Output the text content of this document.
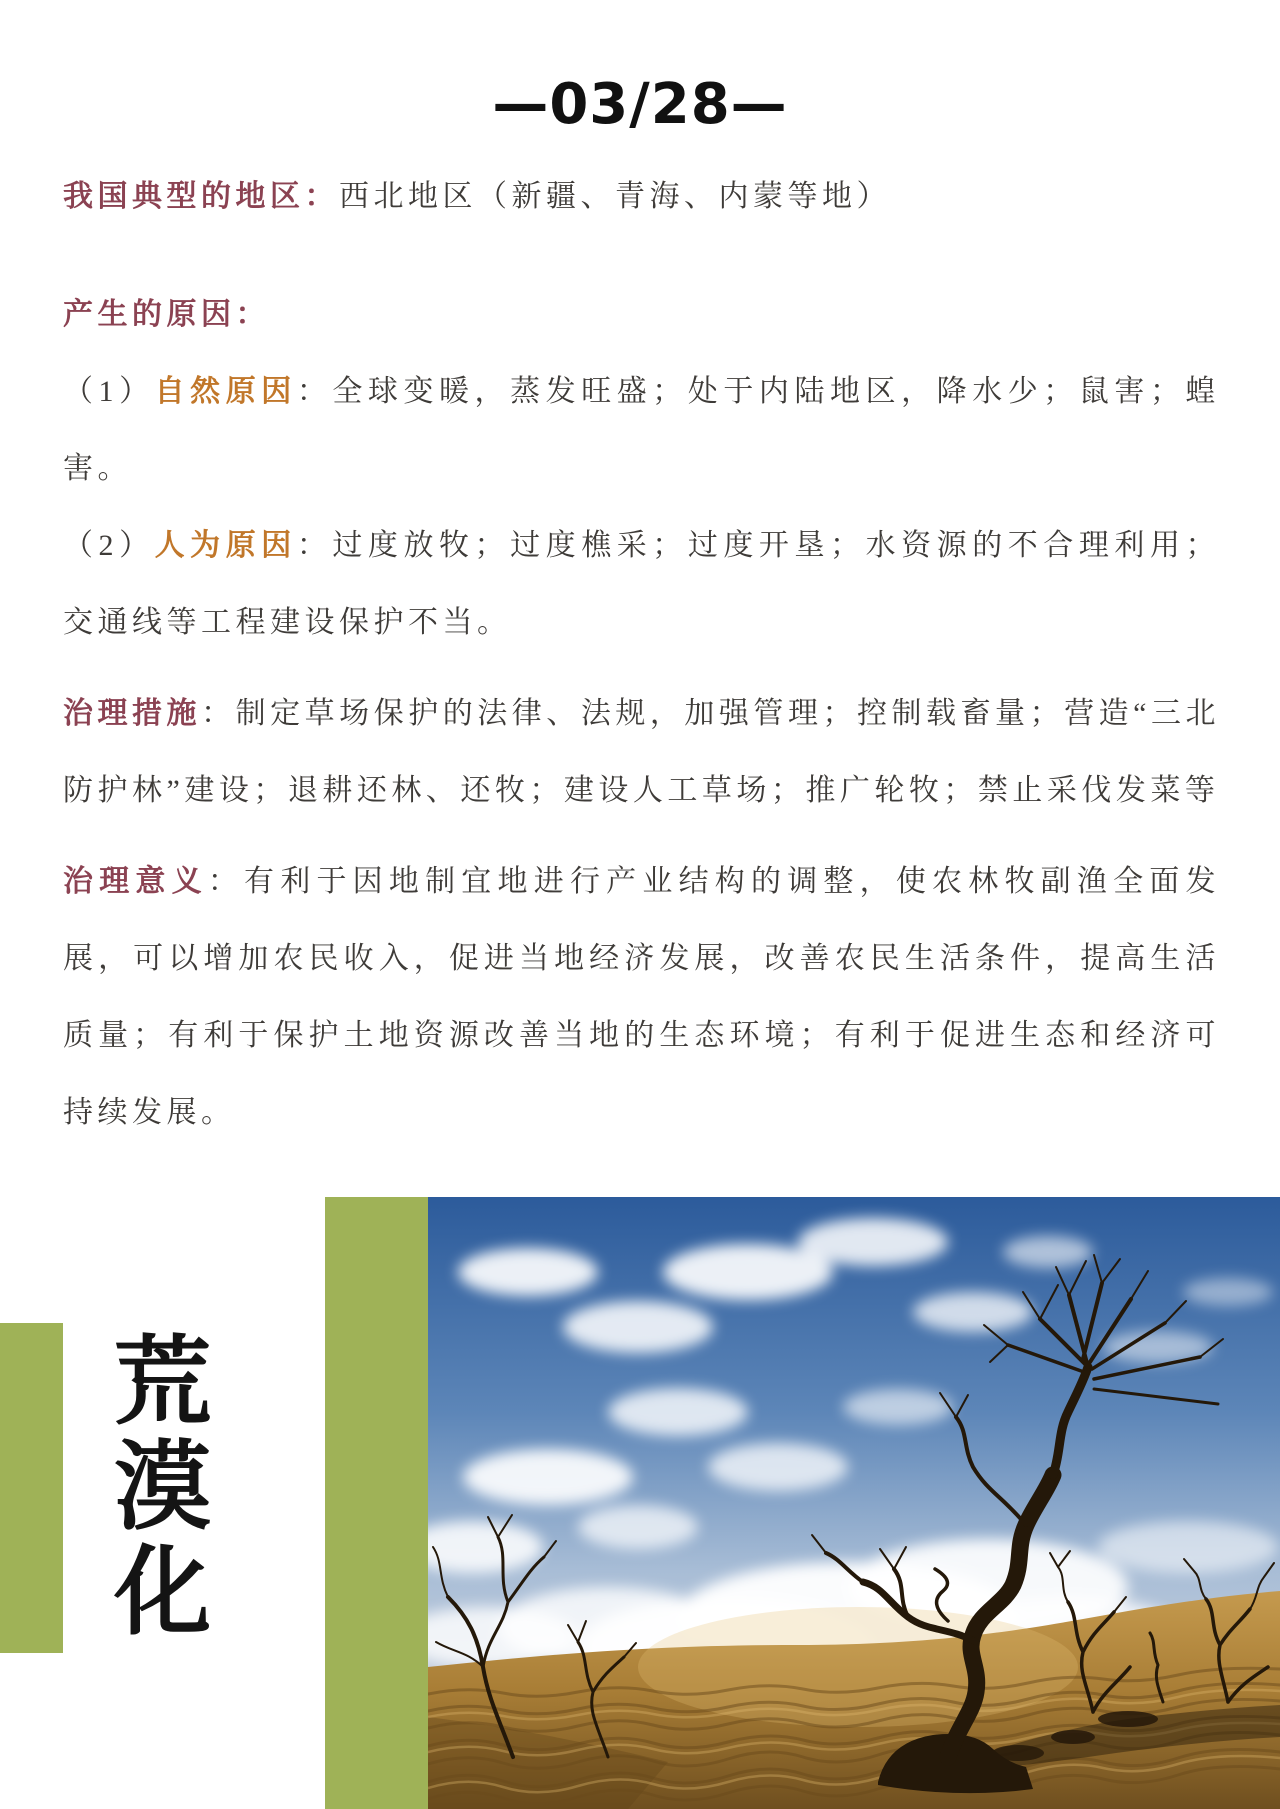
—03/28—

我国典型的地区：西北地区（新疆、青海、内蒙等地）

产生的原因：

（1）自然原因：全球变暖，蒸发旺盛；处于内陆地区，降水少；鼠害；蝗害。

（2）人为原因：过度放牧；过度樵采；过度开垦；水资源的不合理利用；交通线等工程建设保护不当。

治理措施：制定草场保护的法律、法规，加强管理；控制载畜量；营造“三北防护林”建设；退耕还林、还牧；建设人工草场；推广轮牧；禁止采伐发菜等

治理意义：有利于因地制宜地进行产业结构的调整，使农林牧副渔全面发展，可以增加农民收入，促进当地经济发展，改善农民生活条件，提高生活质量；有利于保护土地资源改善当地的生态环境；有利于促进生态和经济可持续发展。

荒漠化
